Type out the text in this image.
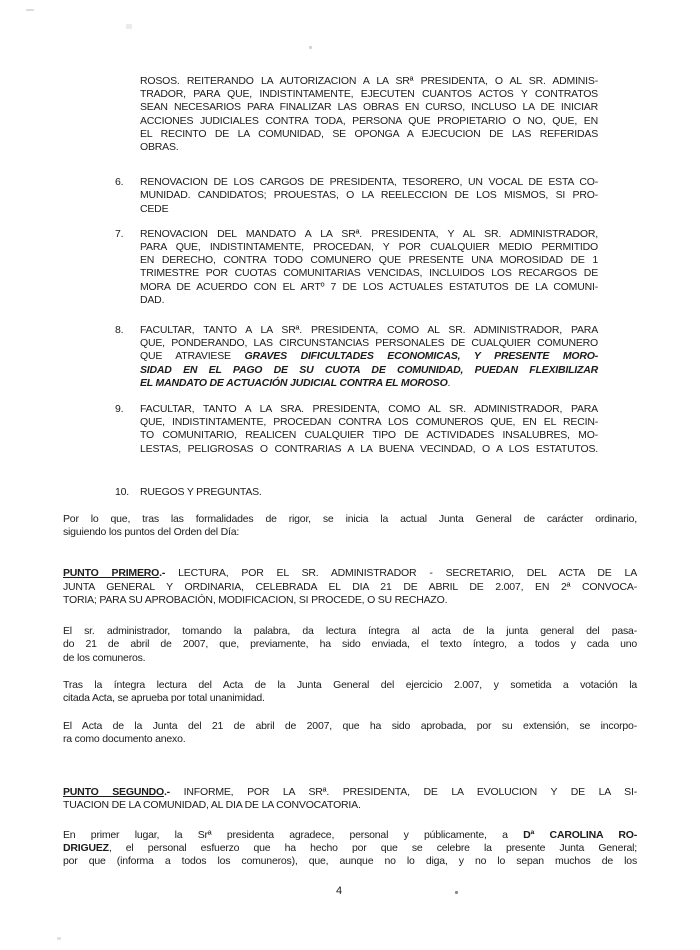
ROSOS. REITERANDO LA AUTORIZACION A LA SRª PRESIDENTA, O AL SR. ADMINIS-
TRADOR, PARA QUE, INDISTINTAMENTE, EJECUTEN CUANTOS ACTOS Y CONTRATOS
SEAN NECESARIOS PARA FINALIZAR LAS OBRAS EN CURSO, INCLUSO LA DE INICIAR
ACCIONES JUDICIALES CONTRA TODA, PERSONA QUE PROPIETARIO O NO, QUE, EN
EL RECINTO DE LA COMUNIDAD, SE OPONGA A EJECUCION DE LAS REFERIDAS
OBRAS.
6. RENOVACION DE LOS CARGOS DE PRESIDENTA, TESORERO, UN VOCAL DE ESTA CO-
MUNIDAD. CANDIDATOS; PROUESTAS, O LA REELECCION DE LOS MISMOS, SI PRO-
CEDE
7. RENOVACION DEL MANDATO A LA SRª. PRESIDENTA, Y AL SR. ADMINISTRADOR,
PARA QUE, INDISTINTAMENTE, PROCEDAN, Y POR CUALQUIER MEDIO PERMITIDO
EN DERECHO, CONTRA TODO COMUNERO QUE PRESENTE UNA MOROSIDAD DE 1
TRIMESTRE POR CUOTAS COMUNITARIAS VENCIDAS, INCLUIDOS LOS RECARGOS DE
MORA DE ACUERDO CON EL ARTº 7 DE LOS ACTUALES ESTATUTOS DE LA COMUNI-
DAD.
8. FACULTAR, TANTO A LA SRª. PRESIDENTA, COMO AL SR. ADMINISTRADOR, PARA
QUE, PONDERANDO, LAS CIRCUNSTANCIAS PERSONALES DE CUALQUIER COMUNERO
QUE ATRAVIESE GRAVES DIFICULTADES ECONOMICAS, Y PRESENTE MORO-
SIDAD EN EL PAGO DE SU CUOTA DE COMUNIDAD, PUEDAN FLEXIBILIZAR
EL MANDATO DE ACTUACIÓN JUDICIAL CONTRA EL MOROSO.
9. FACULTAR, TANTO A LA SRA. PRESIDENTA, COMO AL SR. ADMINISTRADOR, PARA
QUE, INDISTINTAMENTE, PROCEDAN CONTRA LOS COMUNEROS QUE, EN EL RECIN-
TO COMUNITARIO, REALICEN CUALQUIER TIPO DE ACTIVIDADES INSALUBRES, MO-
LESTAS, PELIGROSAS O CONTRARIAS A LA BUENA VECINDAD, O A LOS ESTATUTOS.
10. RUEGOS Y PREGUNTAS.
Por lo que, tras las formalidades de rigor, se inicia la actual Junta General de carácter ordinario,
siguiendo los puntos del Orden del Día:
PUNTO PRIMERO.- LECTURA, POR EL SR. ADMINISTRADOR - SECRETARIO, DEL ACTA DE LA
JUNTA GENERAL Y ORDINARIA, CELEBRADA EL DIA 21 DE ABRIL DE 2.007, EN 2ª CONVOCA-
TORIA; PARA SU APROBACIÓN, MODIFICACION, SI PROCEDE, O SU RECHAZO.
El sr. administrador, tomando la palabra, da lectura íntegra al acta de la junta general del pasa-
do 21 de abril de 2007, que, previamente, ha sido enviada, el texto íntegro, a todos y cada uno
de los comuneros.
Tras la íntegra lectura del Acta de la Junta General del ejercicio 2.007, y sometida a votación la
citada Acta, se aprueba por total unanimidad.
El Acta de la Junta del 21 de abril de 2007, que ha sido aprobada, por su extensión, se incorpo-
ra como documento anexo.
PUNTO SEGUNDO.- INFORME, POR LA SRª. PRESIDENTA, DE LA EVOLUCION Y DE LA SI-
TUACION DE LA COMUNIDAD, AL DIA DE LA CONVOCATORIA.
En primer lugar, la Srª presidenta agradece, personal y públicamente, a Dª CAROLINA RO-
DRIGUEZ, el personal esfuerzo que ha hecho por que se celebre la presente Junta General;
por que (informa a todos los comuneros), que, aunque no lo diga, y no lo sepan muchos de los
4
